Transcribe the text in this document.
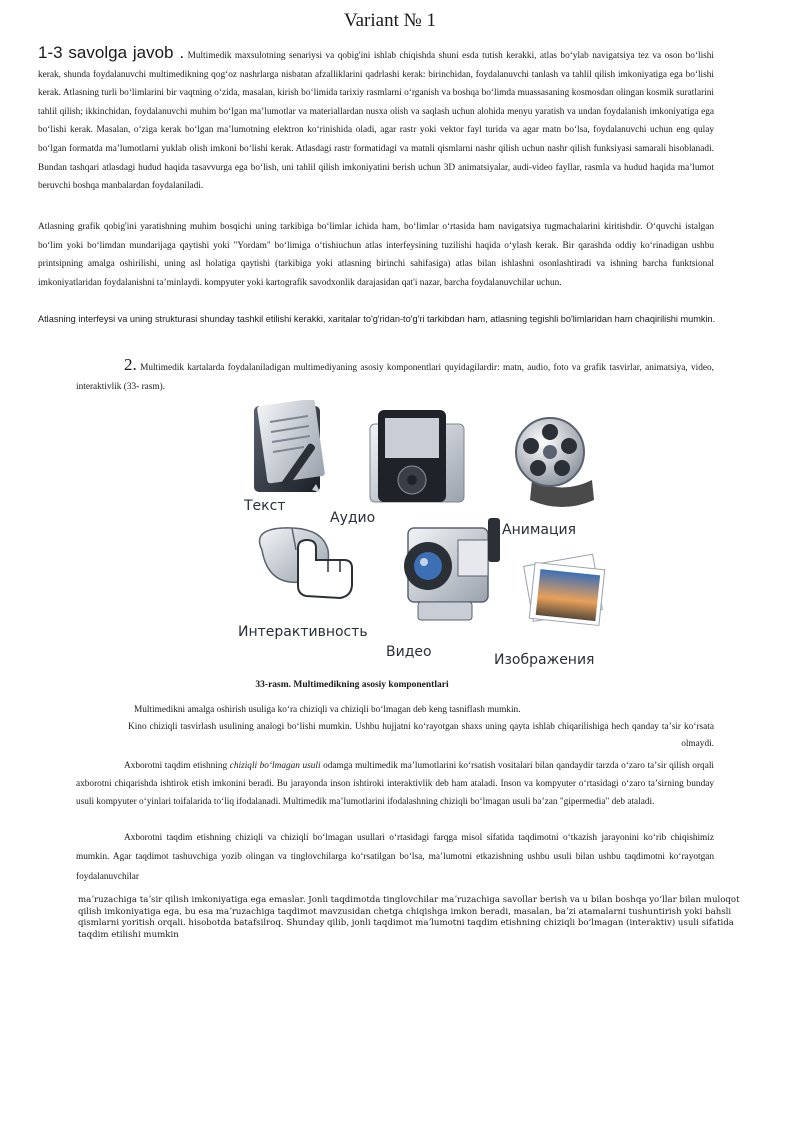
Variant № 1
1-3 savolga javob . Multimedik maxsulotning senariysi va qobig'ini ishlab chiqishda shuni esda tutish kerakki, atlas boʻylab navigatsiya tez va oson boʻlishi kerak, shunda foydalanuvchi multimedikning qogʻoz nashrlarga nisbatan afzalliklarini qadrlashi kerak: birinchidan, foydalanuvchi tanlash va tahlil qilish imkoniyatiga ega boʻlishi kerak. Atlasning turli boʻlimlarini bir vaqtning oʻzida, masalan, kirish boʻlimida tarixiy rasmlarni oʻrganish va boshqa boʻlimda muassasaning kosmosdan olingan kosmik suratlarini tahlil qilish; ikkinchidan, foydalanuvchi muhim boʻlgan maʼlumotlar va materiallardan nusxa olish va saqlash uchun alohida menyu yaratish va undan foydalanish imkoniyatiga ega boʻlishi kerak. Masalan, oʻziga kerak boʻlgan maʼlumotning elektron koʻrinishida oladi, agar rastr yoki vektor fayl turida va agar matn boʻlsa, foydalanuvchi uchun eng qulay boʻlgan formatda maʼlumotlarni yuklab olish imkoni boʻlishi kerak. Atlasdagi rastr formatidagi va matnli qismlarni nashr qilish uchun nashr qilish funksiyasi samarali hisoblanadi. Bundan tashqari atlasdagi hudud haqida tasavvurga ega boʻlish, uni tahlil qilish imkoniyatini berish uchun 3D animatsiyalar, audi-video fayllar, rasmla va hudud haqida maʼlumot beruvchi boshqa manbalardan foydalaniladi.
Atlasning grafik qobig'ini yaratishning muhim bosqichi uning tarkibiga boʻlimlar ichida ham, boʻlimlar oʻrtasida ham navigatsiya tugmachalarini kiritishdir. Oʻquvchi istalgan boʻlim yoki boʻlimdan mundarijaga qaytishi yoki "Yordam" boʻlimiga oʻtishiuchun atlas interfeysining tuzilishi haqida oʻylash kerak. Bir qarashda oddiy koʻrinadigan ushbu printsipning amalga oshirilishi, uning asl holatiga qaytishi (tarkibiga yoki atlasning birinchi sahifasiga) atlas bilan ishlashni osonlashtiradi va ishning barcha funktsional imkoniyatlaridan foydalanishni taʼminlaydi. kompyuter yoki kartografik savodxonlik darajasidan qat'i nazar, barcha foydalanuvchilar uchun.
Atlasning interfeysi va uning strukturasi shunday tashkil etilishi kerakki, xaritalar to'g'ridan-to'g'ri tarkibdan ham, atlasning tegishli bo'limlaridan ham chaqirilishi mumkin.
2. Multimedik kartalarda foydalaniladigan multimediyaning asosiy komponentlari quyidagilardir: matn, audio, foto va grafik tasvirlar, animatsiya, video, interaktivlik (33- rasm).
Текст
Аудио
Анимация
Интерактивность
Видео	Изображения
33-rasm. Multimedikning asosiy komponentlari
Multimedikni amalga oshirish usuliga koʻra chiziqli va chiziqli boʻlmagan deb keng tasniflash mumkin.
Kino chiziqli tasvirlash usulining analogi boʻlishi mumkin. Ushbu hujjatni koʻrayotgan shaxs uning qayta ishlab chiqarilishiga hech qanday taʼsir koʻrsata olmaydi.
Axborotni taqdim etishning chiziqli boʻlmagan usuli odamga multimedik maʼlumotlarini koʻrsatish vositalari bilan qandaydir tarzda oʻzaro taʼsir qilish orqali axborotni chiqarishda ishtirok etish imkonini beradi. Bu jarayonda inson ishtiroki interaktivlik deb ham ataladi. Inson va kompyuter oʻrtasidagi oʻzaro taʼsirning bunday usuli kompyuter oʻyinlari toifalarida toʻliq ifodalanadi. Multimedik maʼlumotlarini ifodalashning chiziqli boʻlmagan usuli baʼzan "gipermedia" deb ataladi.
Axborotni taqdim etishning chiziqli va chiziqli boʻlmagan usullari oʻrtasidagi farqga misol sifatida taqdimotni oʻtkazish jarayonini koʻrib chiqishimiz mumkin. Agar taqdimot tashuvchiga yozib olingan va tinglovchilarga koʻrsatilgan boʻlsa, maʼlumotni etkazishning ushbu usuli bilan ushbu taqdimotni koʻrayotgan foydalanuvchilar
maʼruzachiga taʼsir qilish imkoniyatiga ega emaslar. Jonli taqdimotda tinglovchilar maʼruzachiga savollar berish va u bilan boshqa yoʻllar bilan muloqot qilish imkoniyatiga ega, bu esa maʼruzachiga taqdimot mavzusidan chetga chiqishga imkon beradi, masalan, baʼzi atamalarni tushuntirish yoki bahsli qismlarni yoritish orqali. hisobotda batafsilroq. Shunday qilib, jonli taqdimot maʼlumotni taqdim etishning chiziqli boʻlmagan (interaktiv) usuli sifatida taqdim etilishi mumkin
